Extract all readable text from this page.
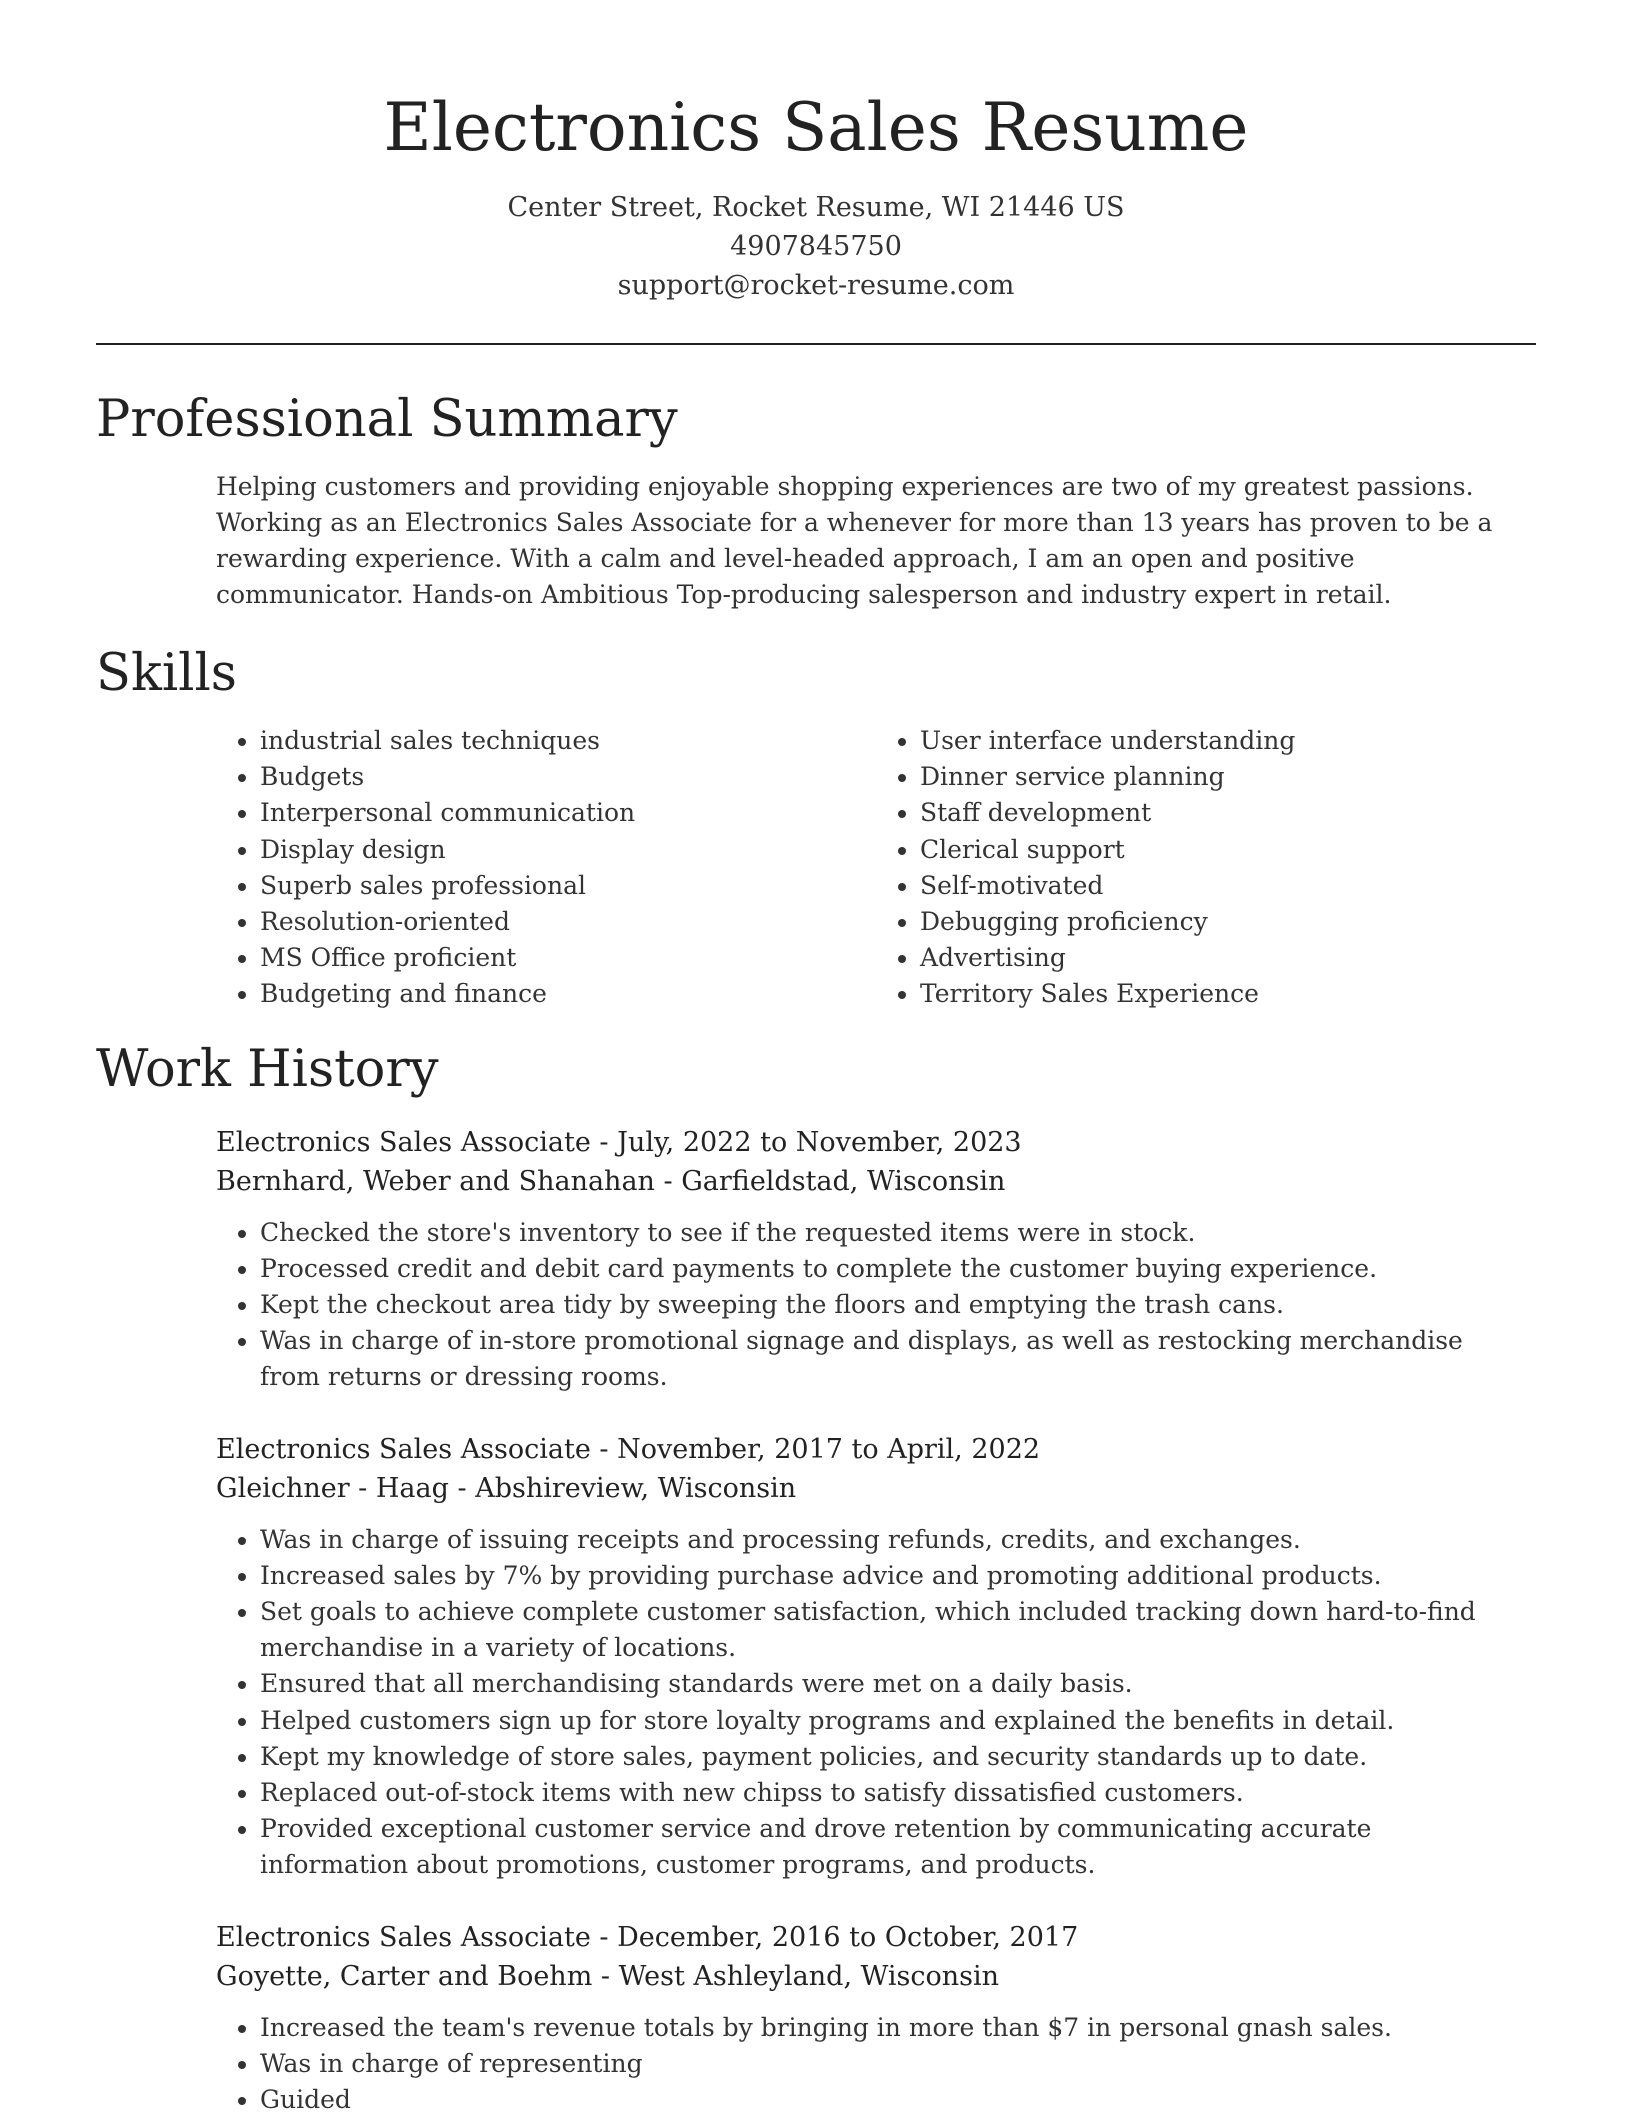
Electronics Sales Resume
Center Street, Rocket Resume, WI 21446 US
4907845750
support@rocket-resume.com
Professional Summary

Helping customers and providing enjoyable shopping experiences are two of my greatest passions. Working as an Electronics Sales Associate for a whenever for more than 13 years has proven to be a rewarding experience. With a calm and level-headed approach, I am an open and positive communicator. Hands-on Ambitious Top-producing salesperson and industry expert in retail.

Skills
• industrial sales techniques
• Budgets
• Interpersonal communication
• Display design
• Superb sales professional
• Resolution-oriented
• MS Office proficient
• Budgeting and finance
• User interface understanding
• Dinner service planning
• Staff development
• Clerical support
• Self-motivated
• Debugging proficiency
• Advertising
• Territory Sales Experience
Work History
Electronics Sales Associate - July, 2022 to November, 2023
Bernhard, Weber and Shanahan - Garfieldstad, Wisconsin
• Checked the store's inventory to see if the requested items were in stock.
• Processed credit and debit card payments to complete the customer buying experience.
• Kept the checkout area tidy by sweeping the floors and emptying the trash cans.
• Was in charge of in-store promotional signage and displays, as well as restocking merchandise from returns or dressing rooms.
Electronics Sales Associate - November, 2017 to April, 2022
Gleichner - Haag - Abshireview, Wisconsin
• Was in charge of issuing receipts and processing refunds, credits, and exchanges.
• Increased sales by 7% by providing purchase advice and promoting additional products.
• Set goals to achieve complete customer satisfaction, which included tracking down hard-to-find merchandise in a variety of locations.
• Ensured that all merchandising standards were met on a daily basis.
• Helped customers sign up for store loyalty programs and explained the benefits in detail.
• Kept my knowledge of store sales, payment policies, and security standards up to date.
• Replaced out-of-stock items with new chipss to satisfy dissatisfied customers.
• Provided exceptional customer service and drove retention by communicating accurate information about promotions, customer programs, and products.
Electronics Sales Associate - December, 2016 to October, 2017
Goyette, Carter and Boehm - West Ashleyland, Wisconsin
• Increased the team's revenue totals by bringing in more than $7 in personal gnash sales.
• Was in charge of representing
• Guided
